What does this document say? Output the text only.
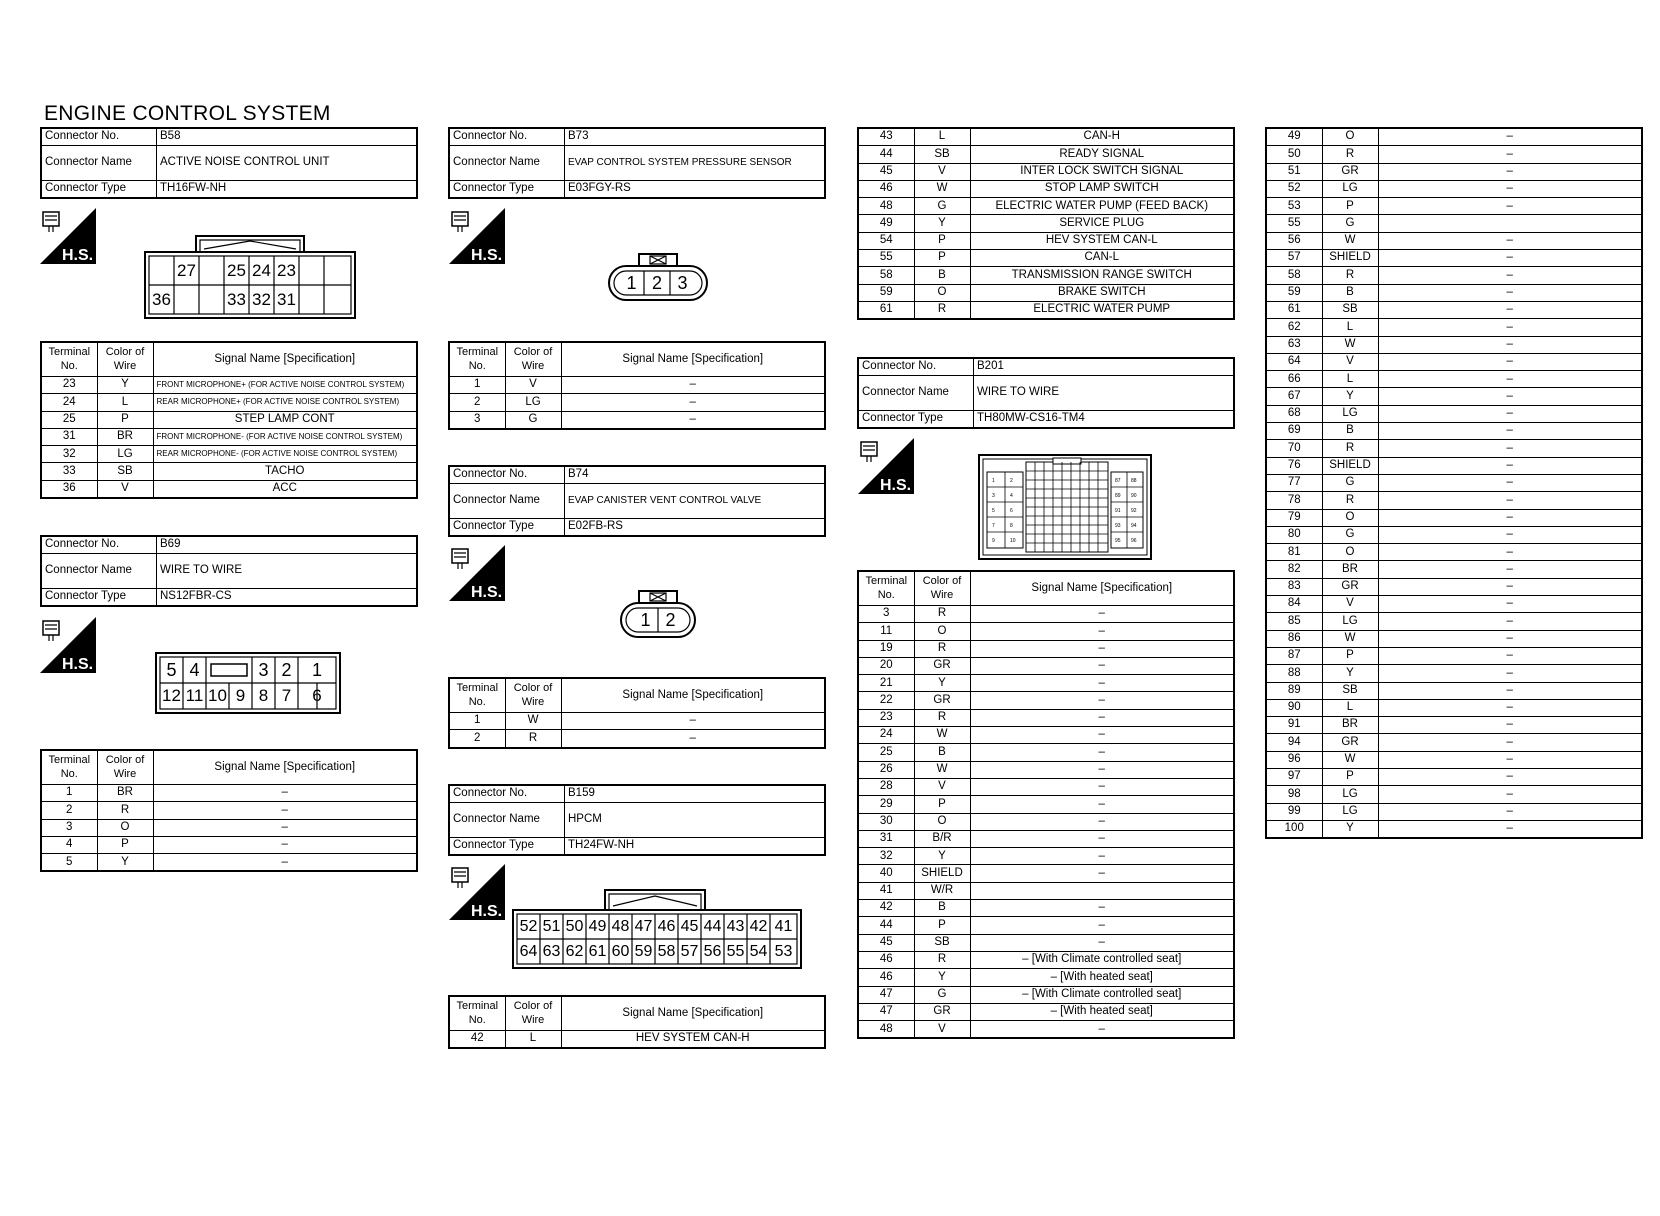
ENGINE CONTROL SYSTEM
Connector No.	B58
Connector Name	ACTIVE NOISE CONTROL UNIT
Connector Type	TH16FW-NH
H.S.
27 25 24 23
36	33 32 31
Terminal No.	Color of Wire	Signal Name [Specification]
23	Y	FRONT MICROPHONE+ (FOR ACTIVE NOISE CONTROL SYSTEM)
24	L	REAR MICROPHONE+ (FOR ACTIVE NOISE CONTROL SYSTEM)
25	P	STEP LAMP CONT
31	BR	FRONT MICROPHONE- (FOR ACTIVE NOISE CONTROL SYSTEM)
32	LG	REAR MICROPHONE- (FOR ACTIVE NOISE CONTROL SYSTEM)
33	SB	TACHO
36	V	ACC
Connector No.	B69
Connector Name	WIRE TO WIRE
Connector Type	NS12FBR-CS
H.S.	5 4	3 2	1
12 11 10 9 8 7	6
Terminal No.	Color of Wire	Signal Name [Specification]
1	BR	–
2	R	–
3	O	–
4	P	–
5	Y	–
Connector No.	B73
Connector Name	EVAP CONTROL SYSTEM PRESSURE SENSOR
Connector Type	E03FGY-RS
H.S.
1 2 3
Terminal No.	Color of Wire	Signal Name [Specification]
1	V	–
2	LG	–
3	G	–
Connector No.	B74
Connector Name	EVAP CANISTER VENT CONTROL VALVE
Connector Type	E02FB-RS
H.S.
1 2
Terminal No.	Color of Wire	Signal Name [Specification]
1	W	–
2	R	–
Connector No.	B159
Connector Name	HPCM
Connector Type	TH24FW-NH
H.S.
52 51 50 49 48 47 46 45 44 43 42 41
64 63 62 61 60 59 58 57 56 55 54 53
Terminal No.	Color of Wire	Signal Name [Specification]
42	L	HEV SYSTEM CAN-H
43	L	CAN-H
44	SB	READY SIGNAL
45	V	INTER LOCK SWITCH SIGNAL
46	W	STOP LAMP SWITCH
48	G	ELECTRIC WATER PUMP (FEED BACK)
49	Y	SERVICE PLUG
54	P	HEV SYSTEM CAN-L
55	P	CAN-L
58	B	TRANSMISSION RANGE SWITCH
59	O	BRAKE SWITCH
61	R	ELECTRIC WATER PUMP
Connector No.	B201
Connector Name	WIRE TO WIRE
Connector Type	TH80MW-CS16-TM4
H.S.	1	2
3	4
5	6
7	8
9	10
87 88
89 90
91 92
93 94
95 96
Terminal No.	Color of Wire	Signal Name [Specification]
3	R	–
11	O	–
19	R	–
20	GR	–
21	Y	–
22	GR	–
23	R	–
24	W	–
25	B	–
26	W	–
28	V	–
29	P	–
30	O	–
31	B/R	–
32	Y	–
40	SHIELD	–
41	W/R	
42	B	–
44	P	–
45	SB	–
46	R	– [With Climate controlled seat]
46	Y	– [With heated seat]
47	G	– [With Climate controlled seat]
47	GR	– [With heated seat]
48	V	–
49	O	–
50	R	–
51	GR	–
52	LG	–
53	P	–
55	G	
56	W	–
57	SHIELD	–
58	R	–
59	B	–
61	SB	–
62	L	–
63	W	–
64	V	–
66	L	–
67	Y	–
68	LG	–
69	B	–
70	R	–
76	SHIELD	–
77	G	–
78	R	–
79	O	–
80	G	–
81	O	–
82	BR	–
83	GR	–
84	V	–
85	LG	–
86	W	–
87	P	–
88	Y	–
89	SB	–
90	L	–
91	BR	–
94	GR	–
96	W	–
97	P	–
98	LG	–
99	LG	–
100	Y	–
